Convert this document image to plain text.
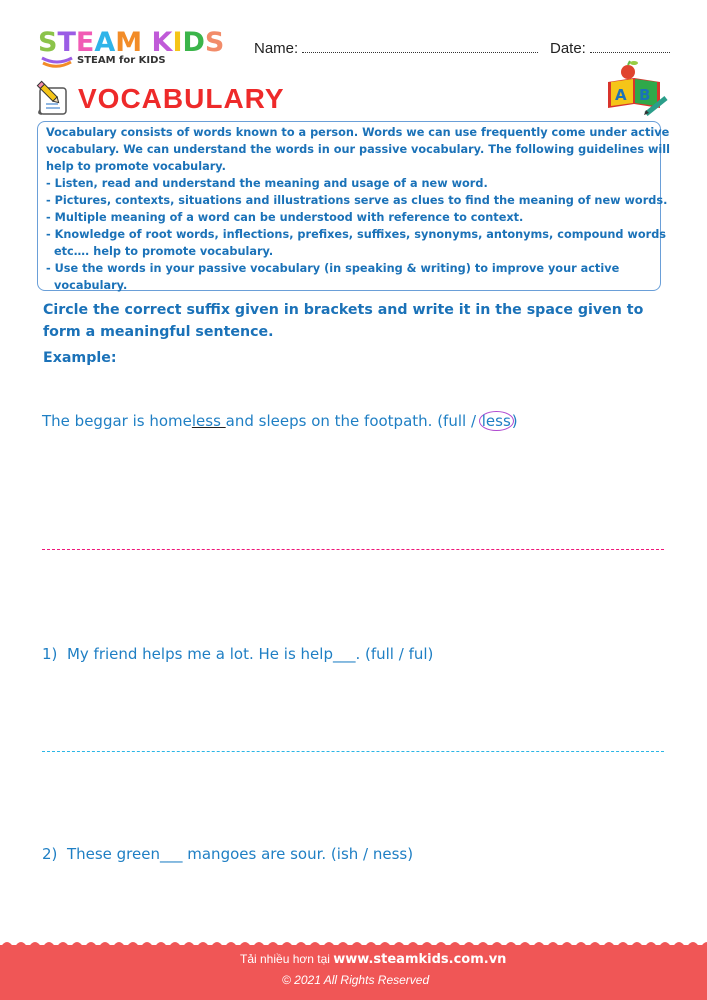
STEAM KIDS
STEAM for KIDS
Name:	Date:
VOCABULARY	A B

Vocabulary consists of words known to a person. Words we can use frequently come under active

vocabulary. We can understand the words in our passive vocabulary. The following guidelines will

help to promote vocabulary.

- Listen, read and understand the meaning and usage of a new word.

- Pictures, contexts, situations and illustrations serve as clues to find the meaning of new words.

- Multiple meaning of a word can be understood with reference to context.

- Knowledge of root words, inflections, prefixes, suffixes, synonyms, antonyms, compound words

etc…. help to promote vocabulary.

- Use the words in your passive vocabulary (in speaking & writing) to improve your active

vocabulary.

Circle the correct suffix given in brackets and write it in the space given to form a meaningful sentence.
Example:
The beggar is homeless and sleeps on the footpath. (full / less)
1) My friend helps me a lot. He is help___. (full / ful)
2) These green___ mangoes are sour. (ish / ness)
Tải nhiều hơn tại www.steamkids.com.vn
© 2021 All Rights Reserved
